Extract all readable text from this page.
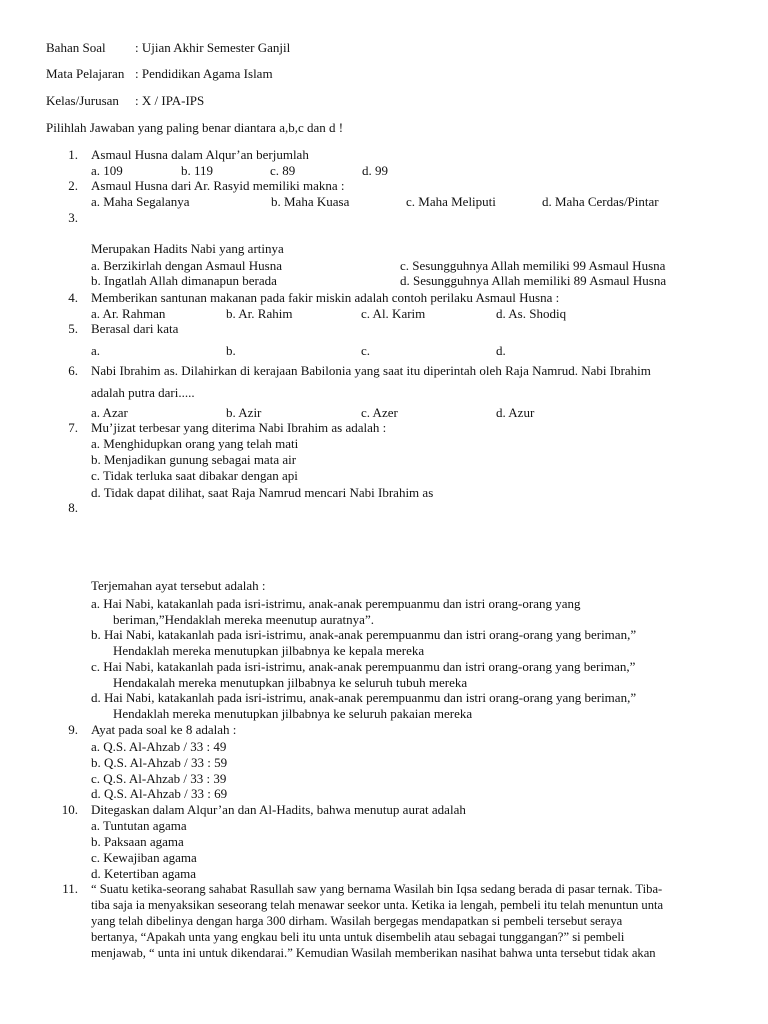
Bahan Soal : Ujian Akhir Semester Ganjil
Mata Pelajaran : Pendidikan Agama Islam
Kelas/Jurusan : X / IPA-IPS
Pilihlah Jawaban yang paling benar diantara a,b,c dan d !
1. Asmaul Husna dalam Alqur’an berjumlah
a. 109	b. 119	c. 89	d. 99
2. Asmaul Husna dari Ar. Rasyid memiliki makna :
a. Maha Segalanya	b. Maha Kuasa	c. Maha Meliputi	d. Maha Cerdas/Pintar
3.
Merupakan Hadits Nabi yang artinya
a. Berzikirlah dengan Asmaul Husna
b. Ingatlah Allah dimanapun berada
c. Sesungguhnya Allah memiliki 99 Asmaul Husna
d. Sesungguhnya Allah memiliki 89 Asmaul Husna
4. Memberikan santunan makanan pada fakir miskin adalah contoh perilaku Asmaul Husna :
a. Ar. Rahman	b. Ar. Rahim	c. Al. Karim	d. As. Shodiq
5. Berasal dari kata
a.	b.	c.	d.
6. Nabi Ibrahim as. Dilahirkan di kerajaan Babilonia yang saat itu diperintah oleh Raja Namrud. Nabi Ibrahim
adalah putra dari.....
a. Azar	b. Azir	c. Azer	d. Azur
7. Mu’jizat terbesar yang diterima Nabi Ibrahim as adalah :
a. Menghidupkan orang yang telah mati
b. Menjadikan gunung sebagai mata air
c. Tidak terluka saat dibakar dengan api
d. Tidak dapat dilihat, saat Raja Namrud mencari Nabi Ibrahim as
8.
Terjemahan ayat tersebut adalah :
a. Hai Nabi, katakanlah pada isri-istrimu, anak-anak perempuanmu dan istri orang-orang yang
beriman,”Hendaklah mereka meenutup auratnya”.
b. Hai Nabi, katakanlah pada isri-istrimu, anak-anak perempuanmu dan istri orang-orang yang beriman,”
Hendaklah mereka menutupkan jilbabnya ke kepala mereka
c. Hai Nabi, katakanlah pada isri-istrimu, anak-anak perempuanmu dan istri orang-orang yang beriman,”
Hendakalah mereka menutupkan jilbabnya ke seluruh tubuh mereka
d. Hai Nabi, katakanlah pada isri-istrimu, anak-anak perempuanmu dan istri orang-orang yang beriman,”
Hendaklah mereka menutupkan jilbabnya ke seluruh pakaian mereka
9. Ayat pada soal ke 8 adalah :
a. Q.S. Al-Ahzab / 33 : 49
b. Q.S. Al-Ahzab / 33 : 59
c. Q.S. Al-Ahzab / 33 : 39
d. Q.S. Al-Ahzab / 33 : 69
10. Ditegaskan dalam Alqur’an dan Al-Hadits, bahwa menutup aurat adalah
a. Tuntutan agama
b. Paksaan agama
c. Kewajiban agama
d. Ketertiban agama
11. “ Suatu ketika-seorang sahabat Rasullah saw yang bernama Wasilah bin Iqsa sedang berada di pasar ternak. Tiba-
tiba saja ia menyaksikan seseorang telah menawar seekor unta. Ketika ia lengah, pembeli itu telah menuntun unta
yang telah dibelinya dengan harga 300 dirham. Wasilah bergegas mendapatkan si pembeli tersebut seraya
bertanya, “Apakah unta yang engkau beli itu unta untuk disembelih atau sebagai tunggangan?” si pembeli
menjawab, “ unta ini untuk dikendarai.” Kemudian Wasilah memberikan nasihat bahwa unta tersebut tidak akan
